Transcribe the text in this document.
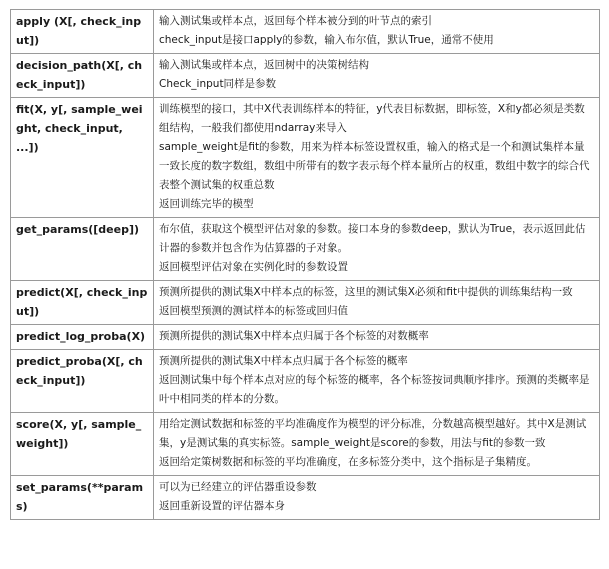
apply (X[, check_input])	输入测试集或样本点，返回每个样本被分到的叶节点的索引
check_input是接口apply的参数，输入布尔值，默认True，通常不使用
decision_path(X[, check_input])	输入测试集或样本点，返回树中的决策树结构
Check_input同样是参数
fit(X, y[, sample_weight, check_input, ...])	训练模型的接口，其中X代表训练样本的特征，y代表目标数据，即标签，X和y都必须是类数组结构，一般我们都使用ndarray来导入
sample_weight是fit的参数，用来为样本标签设置权重，输入的格式是一个和测试集样本量一致长度的数字数组，数组中所带有的数字表示每个样本量所占的权重，数组中数字的综合代表整个测试集的权重总数
返回训练完毕的模型
get_params([deep])	布尔值，获取这个模型评估对象的参数。接口本身的参数deep，默认为True，表示返回此估计器的参数并包含作为估算器的子对象。
返回模型评估对象在实例化时的参数设置
predict(X[, check_input])	预测所提供的测试集X中样本点的标签，这里的测试集X必须和fit中提供的训练集结构一致
返回模型预测的测试样本的标签或回归值
predict_log_proba(X)	预测所提供的测试集X中样本点归属于各个标签的对数概率
predict_proba(X[, check_input])	预测所提供的测试集X中样本点归属于各个标签的概率
返回测试集中每个样本点对应的每个标签的概率，各个标签按词典顺序排序。预测的类概率是叶中相同类的样本的分数。
score(X, y[, sample_weight])	用给定测试数据和标签的平均准确度作为模型的评分标准，分数越高模型越好。其中X是测试集，y是测试集的真实标签。sample_weight是score的参数，用法与fit的参数一致
返回给定策树数据和标签的平均准确度，在多标签分类中，这个指标是子集精度。
set_params(**params)	可以为已经建立的评估器重设参数
返回重新设置的评估器本身
